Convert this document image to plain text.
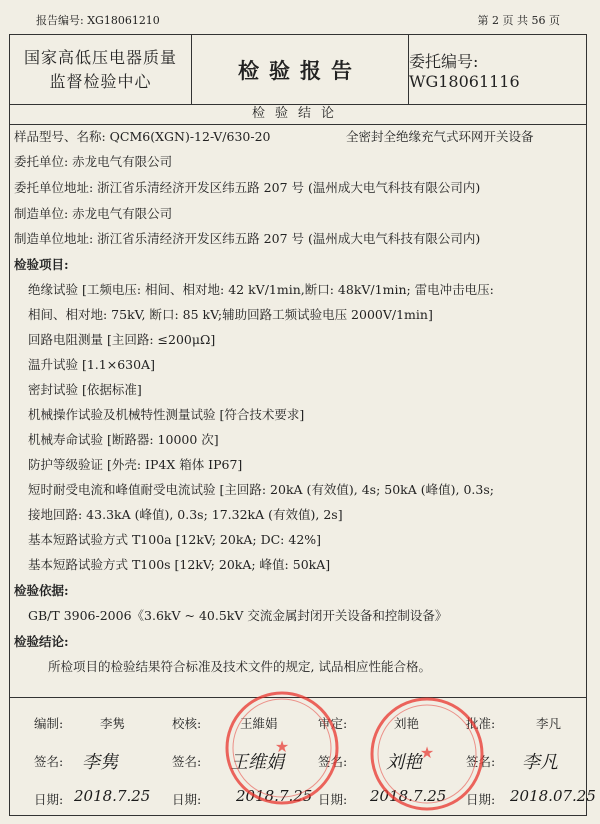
报告编号: XG18061210	第 2 页 共 56 页
国家高低压电器质量
监督检验中心	检验报告	委托编号: WG18061116
检验结论
样品型号、名称: QCM6(XGN)-12-V/630-20	全密封全绝缘充气式环网开关设备
委托单位: 赤龙电气有限公司
委托单位地址: 浙江省乐清经济开发区纬五路 207 号 (温州成大电气科技有限公司内)
制造单位: 赤龙电气有限公司
制造单位地址: 浙江省乐清经济开发区纬五路 207 号 (温州成大电气科技有限公司内)
检验项目:
绝缘试验 [工频电压: 相间、相对地: 42 kV/1min,断口: 48kV/1min; 雷电冲击电压:
相间、相对地: 75kV, 断口: 85 kV;辅助回路工频试验电压 2000V/1min]
回路电阻测量 [主回路: ≤200μΩ]
温升试验 [1.1×630A]
密封试验 [依据标准]
机械操作试验及机械特性测量试验 [符合技术要求]
机械寿命试验 [断路器: 10000 次]
防护等级验证 [外壳: IP4X 箱体 IP67]
短时耐受电流和峰值耐受电流试验 [主回路: 20kA (有效值), 4s; 50kA (峰值), 0.3s;
接地回路: 43.3kA (峰值), 0.3s; 17.32kA (有效值), 2s]
基本短路试验方式 T100a [12kV; 20kA; DC: 42%]
基本短路试验方式 T100s [12kV; 20kA; 峰值: 50kA]
检验依据:
GB/T 3906-2006《3.6kV ~ 40.5kV 交流金属封闭开关设备和控制设备》
检验结论:
所检项目的检验结果符合标准及技术文件的规定, 试品相应性能合格。
编制:	李隽	校核:	王維娟	审定:	刘艳	批准:	李凡
签名: 李隽	签名: 王维娟	签名: 刘艳	签名: 李凡
日期: 2018.7.25 日期: 2018.7.25 日期: 2018.7.25 日期: 2018.07.25
★	★
